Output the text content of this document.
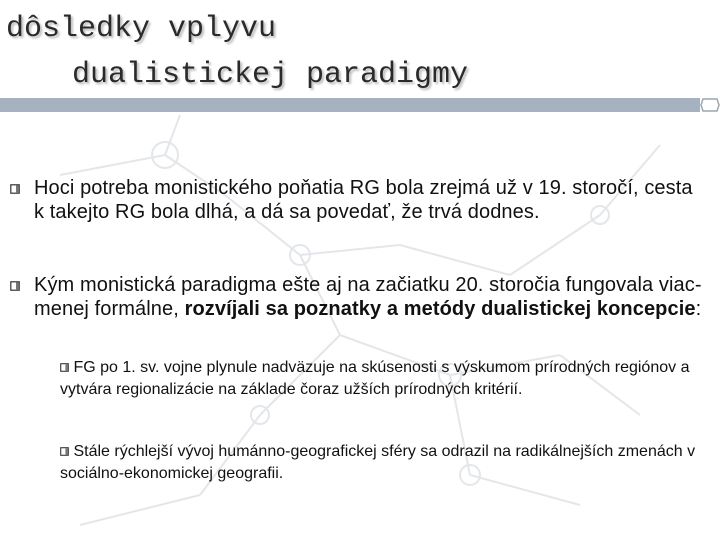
dôsledky vplyvu
dualistickej paradigmy
Hoci potreba monistického poňatia RG bola zrejmá už v 19. storočí, cesta k takejto RG bola dlhá, a dá sa povedať, že trvá dodnes.
Kým monistická paradigma ešte aj na začiatku 20. storočia fungovala viac-menej formálne, rozvíjali sa poznatky a metódy dualistickej koncepcie:
FG po 1. sv. vojne plynule nadväzuje na skúsenosti s výskumom prírodných regiónov a vytvára regionalizácie na základe čoraz užších prírodných kritérií.
Stále rýchlejší vývoj humánno-geografickej sféry sa odrazil na radikálnejších zmenách v sociálno-ekonomickej geografii.
